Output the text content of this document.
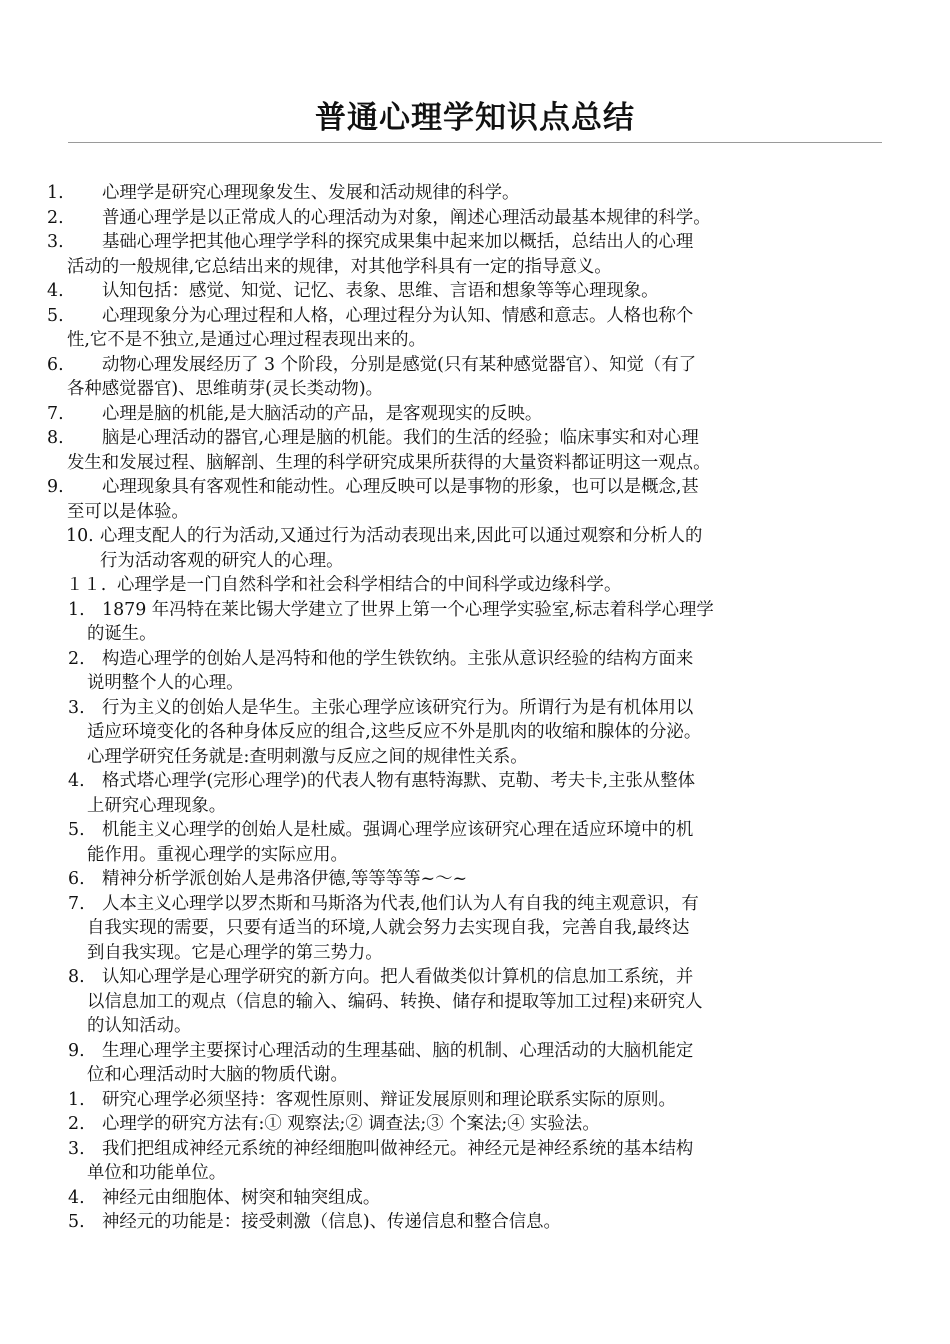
普通心理学知识点总结
1. 心理学是研究心理现象发生、发展和活动规律的科学。
2. 普通心理学是以正常成人的心理活动为对象，阐述心理活动最基本规律的科学。
3. 基础心理学把其他心理学学科的探究成果集中起来加以概括，总结出人的心理
活动的一般规律,它总结出来的规律，对其他学科具有一定的指导意义。
4. 认知包括：感觉、知觉、记忆、表象、思维、言语和想象等等心理现象。
5. 心理现象分为心理过程和人格，心理过程分为认知、情感和意志。人格也称个
性,它不是不独立,是通过心理过程表现出来的。
6. 动物心理发展经历了 3 个阶段，分别是感觉(只有某种感觉器官）、知觉（有了
各种感觉器官)、思维萌芽(灵长类动物)。
7. 心理是脑的机能,是大脑活动的产品，是客观现实的反映。
8. 脑是心理活动的器官,心理是脑的机能。我们的生活的经验；临床事实和对心理
发生和发展过程、脑解剖、生理的科学研究成果所获得的大量资料都证明这一观点。
9. 心理现象具有客观性和能动性。心理反映可以是事物的形象，也可以是概念,甚
至可以是体验。
10. 心理支配人的行为活动,又通过行为活动表现出来,因此可以通过观察和分析人的
行为活动客观的研究人的心理。
１１. 心理学是一门自然科学和社会科学相结合的中间科学或边缘科学。
1. 1879 年冯特在莱比锡大学建立了世界上第一个心理学实验室,标志着科学心理学
的诞生。
2. 构造心理学的创始人是冯特和他的学生铁钦纳。主张从意识经验的结构方面来
说明整个人的心理。
3. 行为主义的创始人是华生。主张心理学应该研究行为。所谓行为是有机体用以
适应环境变化的各种身体反应的组合,这些反应不外是肌肉的收缩和腺体的分泌。
心理学研究任务就是:查明刺激与反应之间的规律性关系。
4. 格式塔心理学(完形心理学)的代表人物有惠特海默、克勒、考夫卡,主张从整体
上研究心理现象。
5. 机能主义心理学的创始人是杜威。强调心理学应该研究心理在适应环境中的机
能作用。重视心理学的实际应用。
6. 精神分析学派创始人是弗洛伊德,等等等等~～~
7. 人本主义心理学以罗杰斯和马斯洛为代表,他们认为人有自我的纯主观意识，有
自我实现的需要，只要有适当的环境,人就会努力去实现自我，完善自我,最终达
到自我实现。它是心理学的第三势力。
8. 认知心理学是心理学研究的新方向。把人看做类似计算机的信息加工系统，并
以信息加工的观点（信息的输入、编码、转换、储存和提取等加工过程)来研究人
的认知活动。
9. 生理心理学主要探讨心理活动的生理基础、脑的机制、心理活动的大脑机能定
位和心理活动时大脑的物质代谢。
1. 研究心理学必须坚持：客观性原则、辩证发展原则和理论联系实际的原则。
2. 心理学的研究方法有:① 观察法;② 调查法;③ 个案法;④ 实验法。
3. 我们把组成神经元系统的神经细胞叫做神经元。神经元是神经系统的基本结构
单位和功能单位。
4. 神经元由细胞体、树突和轴突组成。
5. 神经元的功能是：接受刺激（信息)、传递信息和整合信息。
